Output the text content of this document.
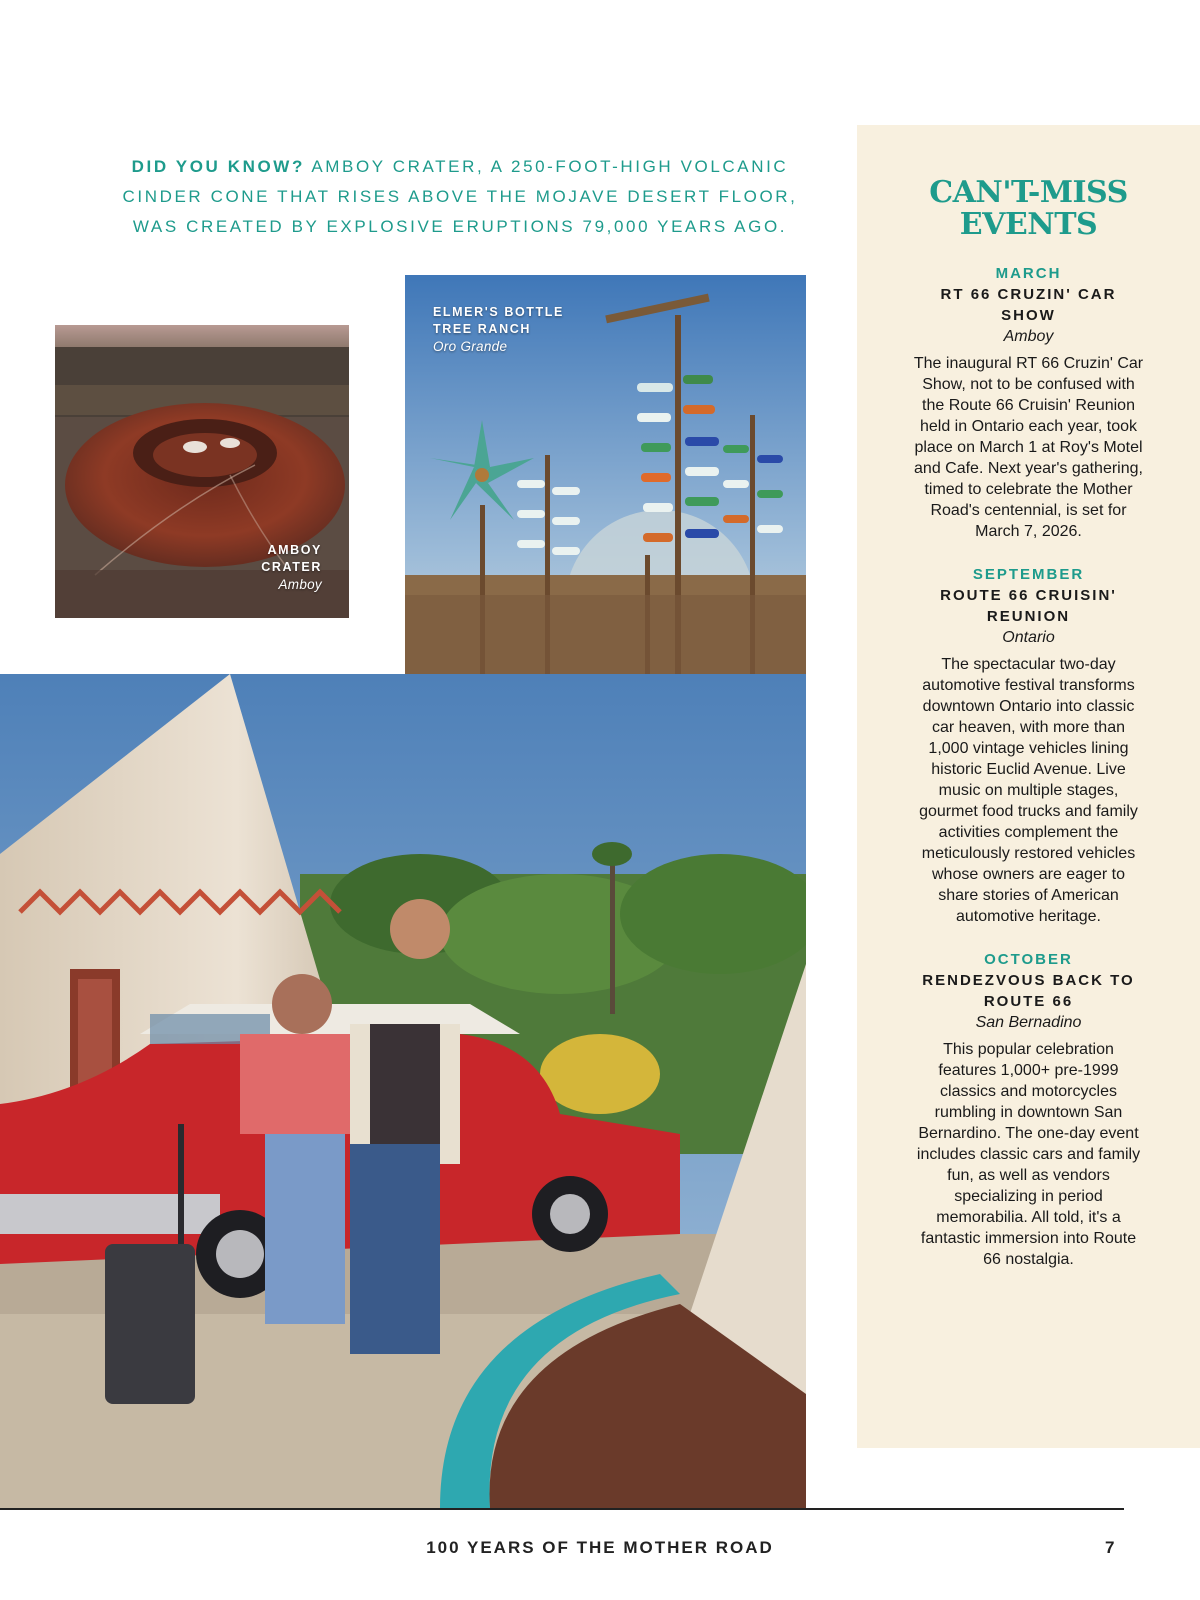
DID YOU KNOW? AMBOY CRATER, A 250-FOOT-HIGH VOLCANIC CINDER CONE THAT RISES ABOVE THE MOJAVE DESERT FLOOR, WAS CREATED BY EXPLOSIVE ERUPTIONS 79,000 YEARS AGO.

AMBOY CRATER
Amboy
ELMER'S BOTTLE TREE RANCH
Oro Grande
CAN'T-MISS
EVENTS
MARCH
RT 66 CRUZIN' CAR SHOW
Amboy
The inaugural RT 66 Cruzin' Car Show, not to be confused with the Route 66 Cruisin' Reunion held in Ontario each year, took place on March 1 at Roy's Motel and Cafe. Next year's gathering, timed to celebrate the Mother Road's centennial, is set for March 7, 2026.
SEPTEMBER
ROUTE 66 CRUISIN' REUNION
Ontario
The spectacular two-day automotive festival transforms downtown Ontario into classic car heaven, with more than 1,000 vintage vehicles lining historic Euclid Avenue. Live music on multiple stages, gourmet food trucks and family activities complement the meticulously restored vehicles whose owners are eager to share stories of American automotive heritage.
OCTOBER
RENDEZVOUS BACK TO ROUTE 66
San Bernadino
This popular celebration features 1,000+ pre-1999 classics and motorcycles rumbling in downtown San Bernardino. The one-day event includes classic cars and family fun, as well as vendors specializing in period memorabilia. All told, it's a fantastic immersion into Route 66 nostalgia.
100 YEARS OF THE MOTHER ROAD	7
